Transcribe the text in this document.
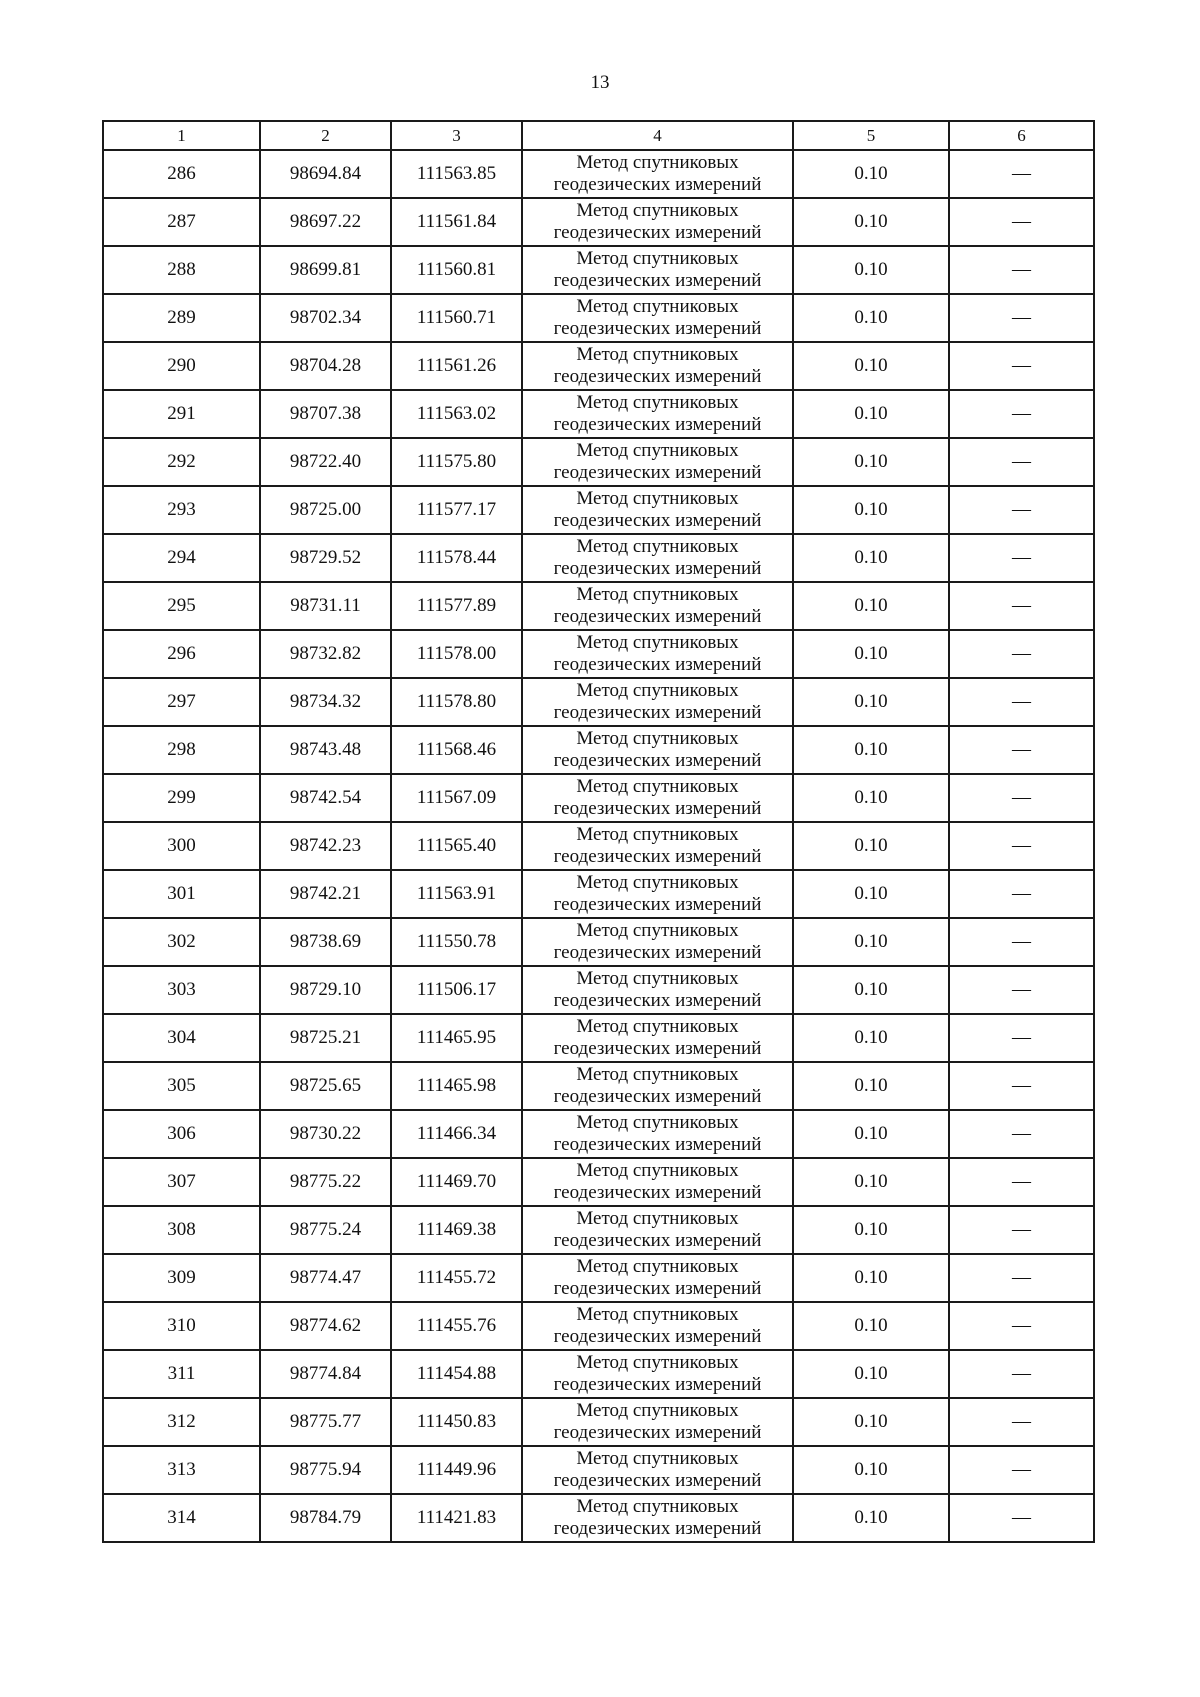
13
1	2	3	4	5	6
286	98694.84	111563.85	Метод спутниковых
геодезических измерений	0.10	—
287	98697.22	111561.84	Метод спутниковых
геодезических измерений	0.10	—
288	98699.81	111560.81	Метод спутниковых
геодезических измерений	0.10	—
289	98702.34	111560.71	Метод спутниковых
геодезических измерений	0.10	—
290	98704.28	111561.26	Метод спутниковых
геодезических измерений	0.10	—
291	98707.38	111563.02	Метод спутниковых
геодезических измерений	0.10	—
292	98722.40	111575.80	Метод спутниковых
геодезических измерений	0.10	—
293	98725.00	111577.17	Метод спутниковых
геодезических измерений	0.10	—
294	98729.52	111578.44	Метод спутниковых
геодезических измерений	0.10	—
295	98731.11	111577.89	Метод спутниковых
геодезических измерений	0.10	—
296	98732.82	111578.00	Метод спутниковых
геодезических измерений	0.10	—
297	98734.32	111578.80	Метод спутниковых
геодезических измерений	0.10	—
298	98743.48	111568.46	Метод спутниковых
геодезических измерений	0.10	—
299	98742.54	111567.09	Метод спутниковых
геодезических измерений	0.10	—
300	98742.23	111565.40	Метод спутниковых
геодезических измерений	0.10	—
301	98742.21	111563.91	Метод спутниковых
геодезических измерений	0.10	—
302	98738.69	111550.78	Метод спутниковых
геодезических измерений	0.10	—
303	98729.10	111506.17	Метод спутниковых
геодезических измерений	0.10	—
304	98725.21	111465.95	Метод спутниковых
геодезических измерений	0.10	—
305	98725.65	111465.98	Метод спутниковых
геодезических измерений	0.10	—
306	98730.22	111466.34	Метод спутниковых
геодезических измерений	0.10	—
307	98775.22	111469.70	Метод спутниковых
геодезических измерений	0.10	—
308	98775.24	111469.38	Метод спутниковых
геодезических измерений	0.10	—
309	98774.47	111455.72	Метод спутниковых
геодезических измерений	0.10	—
310	98774.62	111455.76	Метод спутниковых
геодезических измерений	0.10	—
311	98774.84	111454.88	Метод спутниковых
геодезических измерений	0.10	—
312	98775.77	111450.83	Метод спутниковых
геодезических измерений	0.10	—
313	98775.94	111449.96	Метод спутниковых
геодезических измерений	0.10	—
314	98784.79	111421.83	Метод спутниковых
геодезических измерений	0.10	—
